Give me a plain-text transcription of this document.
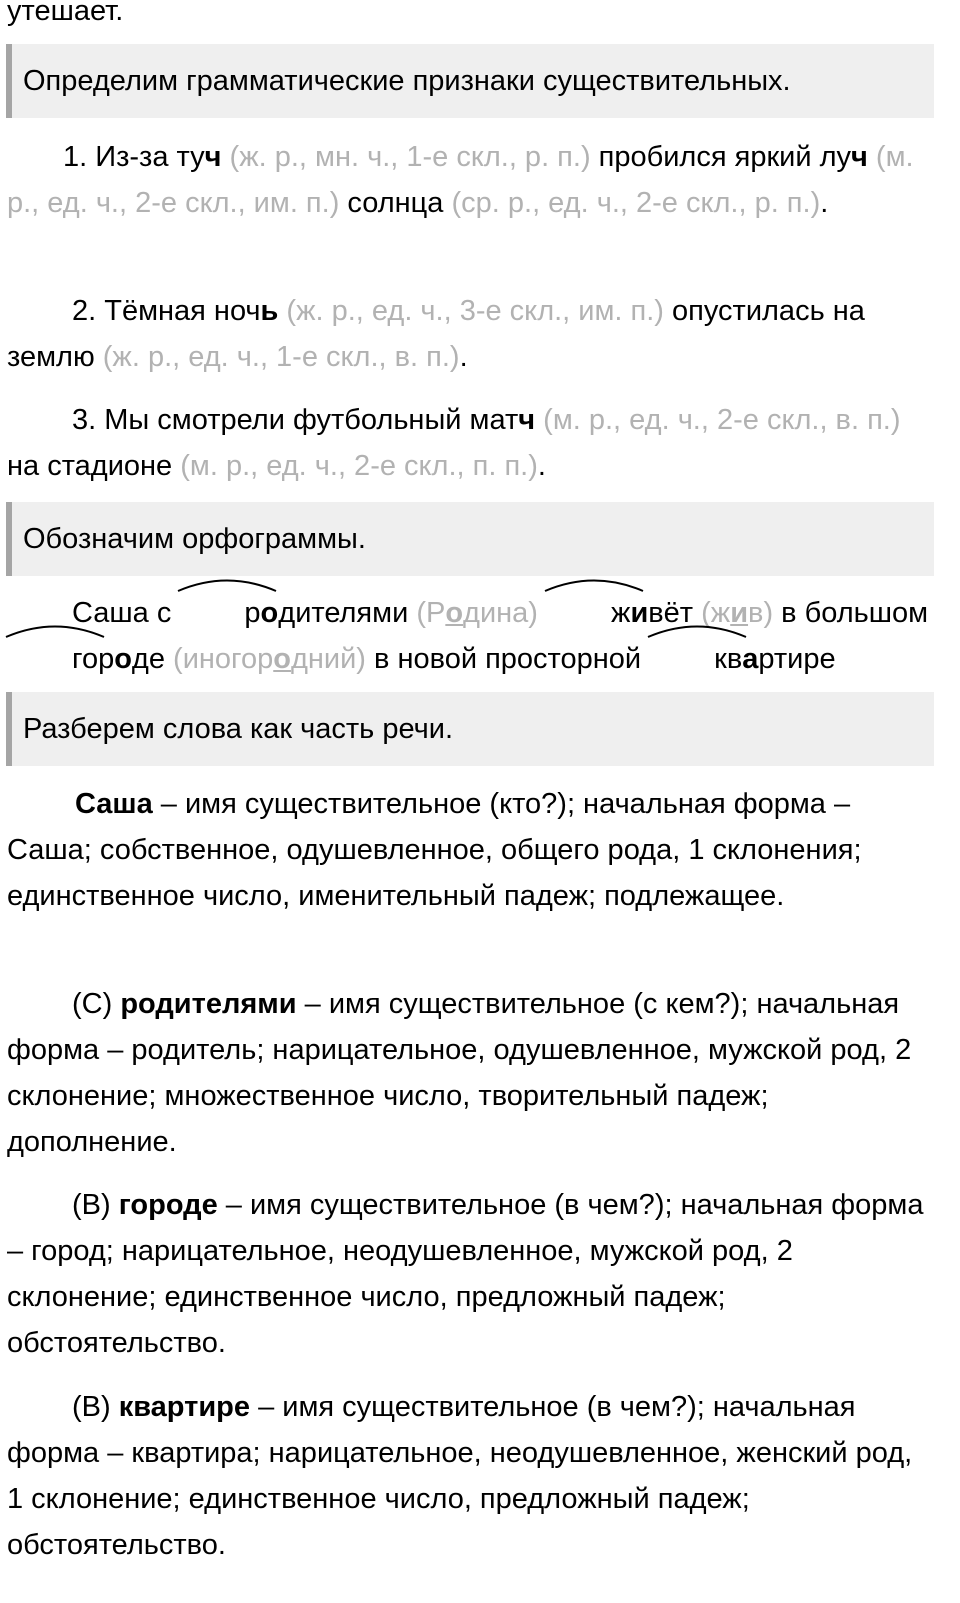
утешает.

Определим грамматические признаки существительных.

1. Из-за туч (ж. р., мн. ч., 1-е скл., р. п.) пробился яркий луч (м. р., ед. ч., 2-е скл., им. п.) солнца (ср. р., ед. ч., 2-е скл., р. п.).

2. Тёмная ночь (ж. р., ед. ч., 3-е скл., им. п.) опустилась на землю (ж. р., ед. ч., 1-е скл., в. п.).

3. Мы смотрели футбольный матч (м. р., ед. ч., 2-е скл., в. п.) на стадионе (м. р., ед. ч., 2-е скл., п. п.).

Обозначим орфограммы.

Саша с
родителями (Родина)	живёт (жив) в большом
городе (иногородний) в новой просторной
квартире

Разберем слова как часть речи.

Саша – имя существительное (кто?); начальная форма – Саша; собственное, одушевленное, общего рода, 1 склонения; единственное число, именительный падеж; подлежащее.

(С) родителями – имя существительное (с кем?); начальная форма – родитель; нарицательное, одушевленное, мужской род, 2 склонение; множественное число, творительный падеж; дополнение.

(В) городе – имя существительное (в чем?); начальная форма – город; нарицательное, неодушевленное, мужской род, 2 склонение; единственное число, предложный падеж; обстоятельство.

(В) квартире – имя существительное (в чем?); начальная форма – квартира; нарицательное, неодушевленное, женский род, 1 склонение; единственное число, предложный падеж; обстоятельство.
